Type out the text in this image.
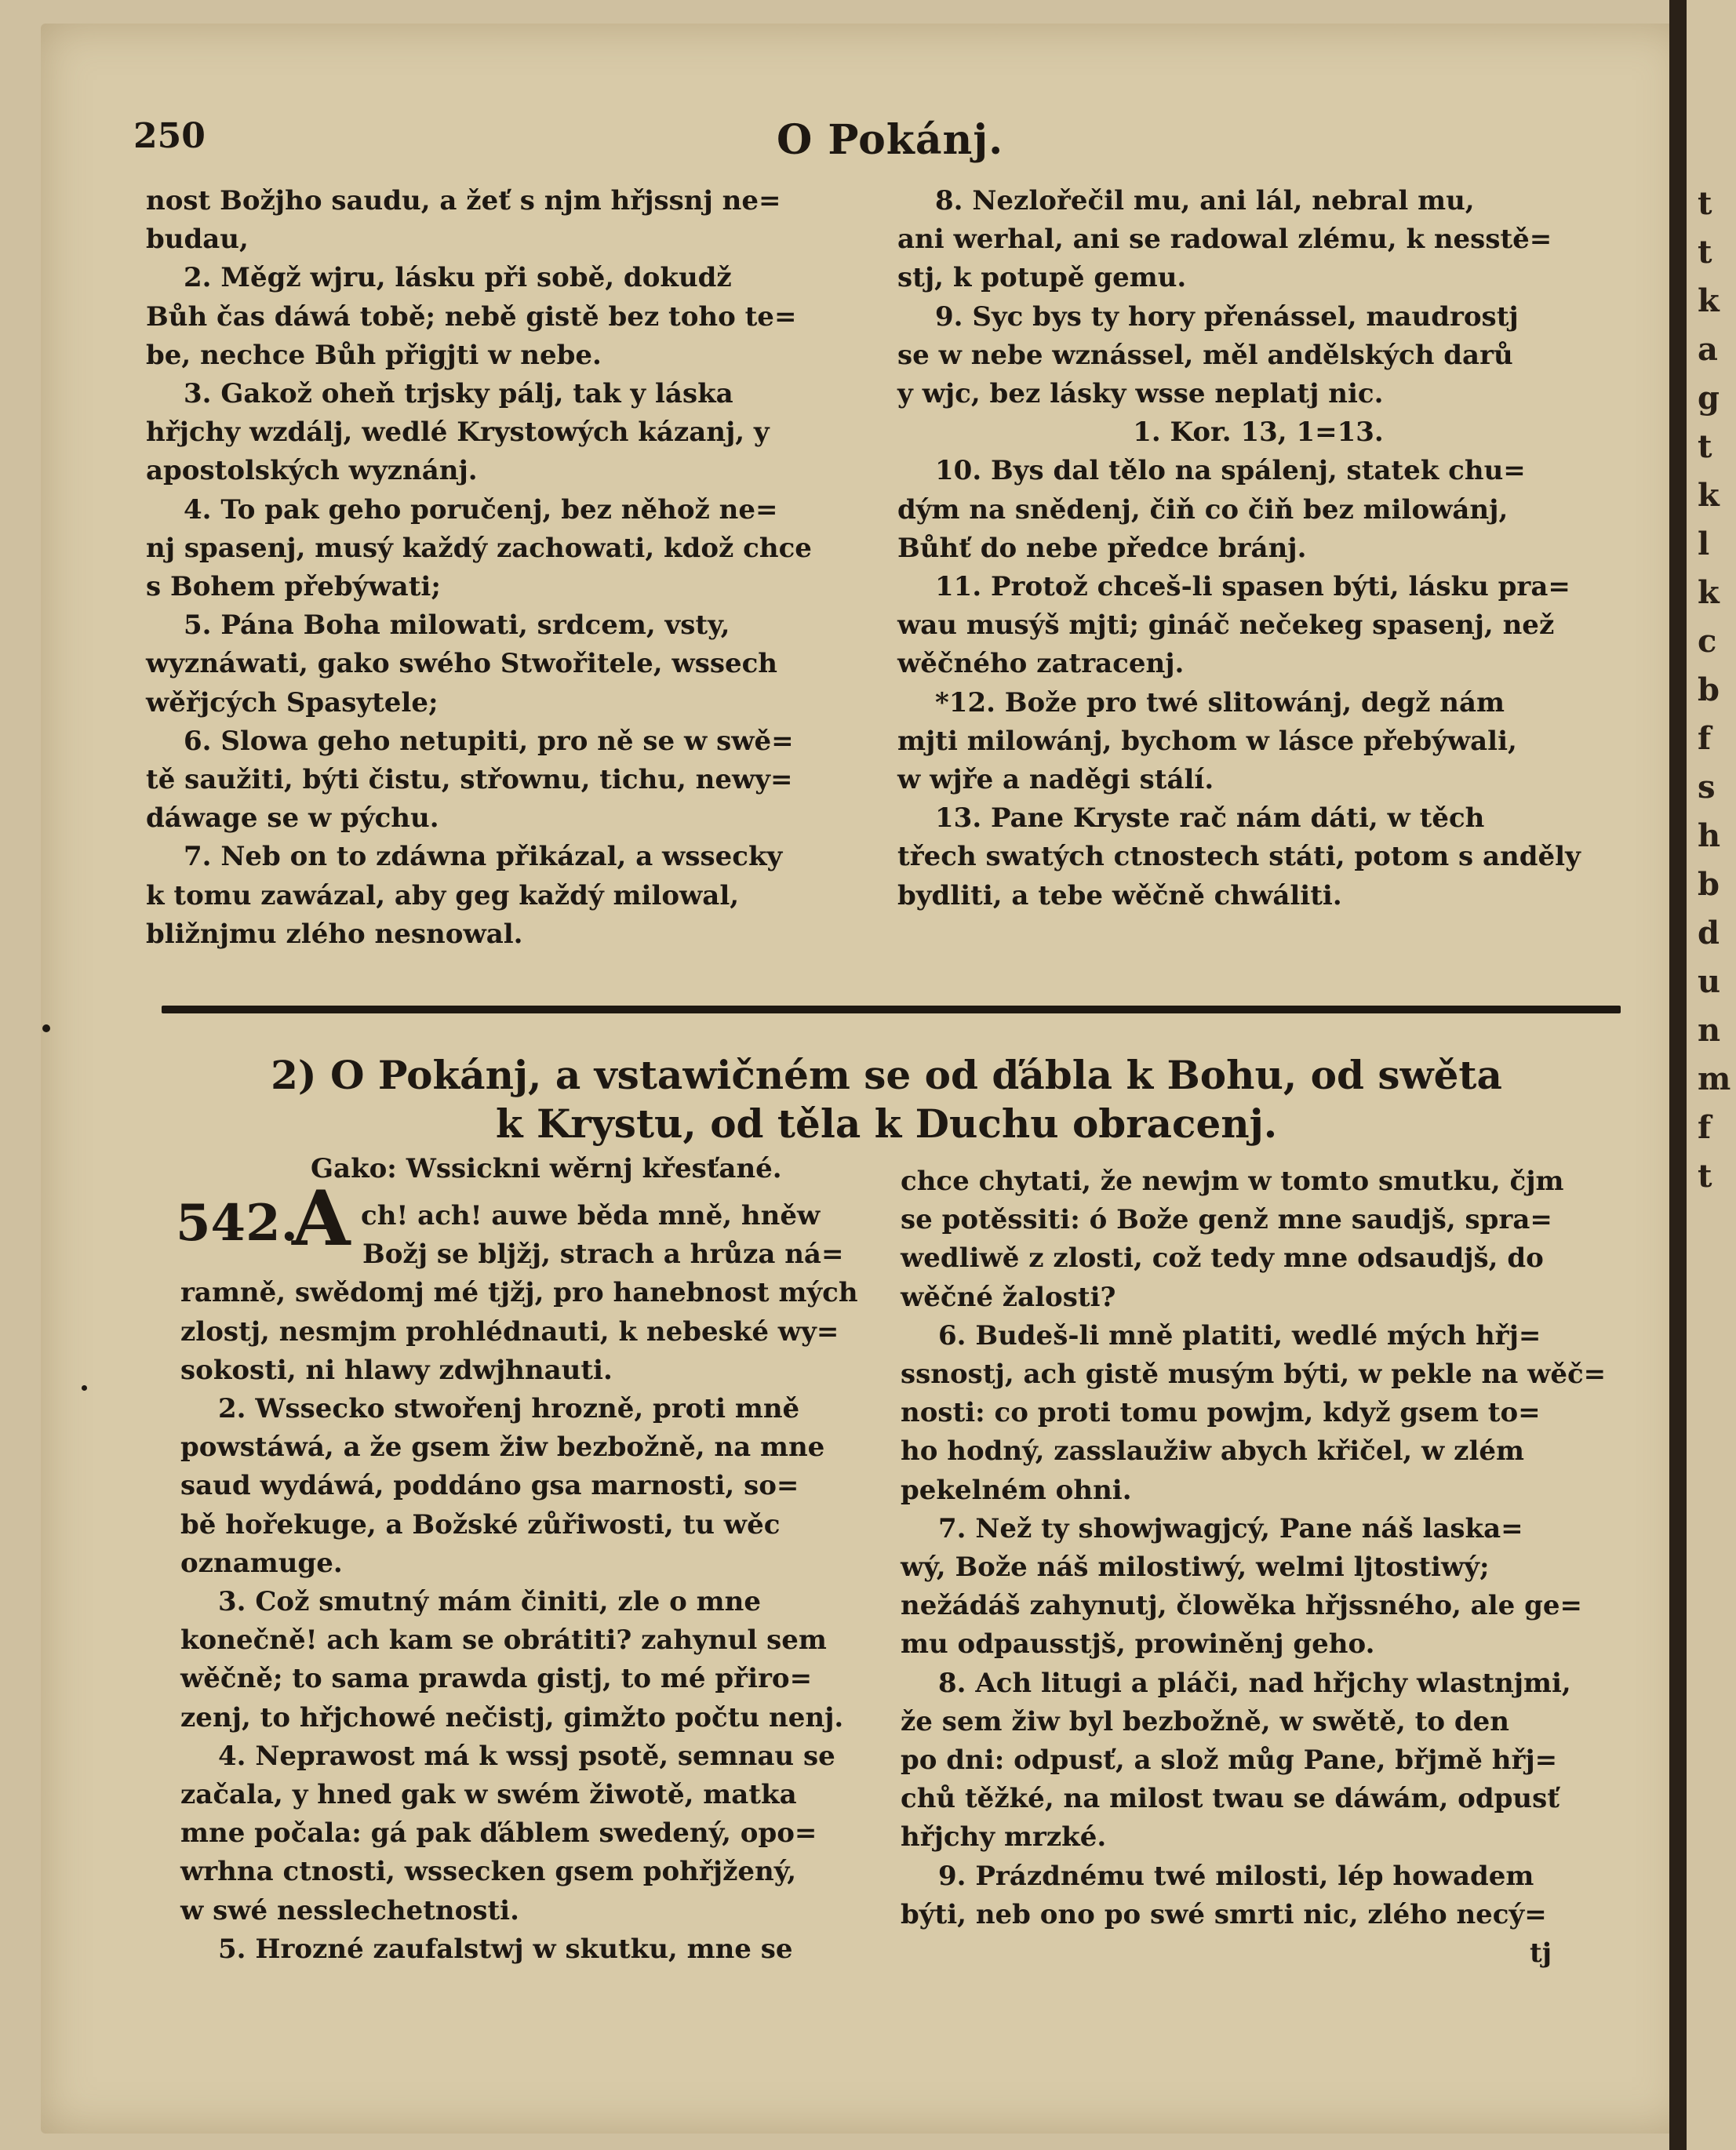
t
t
k
a
g
t
k
l
k
c
b
f
s
h
b
d
u
n
m
f
t
250	O Pokánj.

nost Božjho saudu, a žeť s njm hřjssnj ne=

budau,

2. Měgž wjru, lásku při sobě, dokudž

Bůh čas dáwá tobě; nebě gistě bez toho te=

be, nechce Bůh přigjti w nebe.

3. Gakož oheň trjsky pálj, tak y láska

hřjchy wzdálj, wedlé Krystowých kázanj, y

apostolských wyznánj.

4. To pak geho poručenj, bez něhož ne=

nj spasenj, musý každý zachowati, kdož chce

s Bohem přebýwati;

5. Pána Boha milowati, srdcem, vsty,

wyznáwati, gako swého Stwořitele, wssech

wěřjcých Spasytele;

6. Slowa geho netupiti, pro ně se w swě=

tě saužiti, býti čistu, střownu, tichu, newy=

dáwage se w pýchu.

7. Neb on to zdáwna přikázal, a wssecky

k tomu zawázal, aby geg každý milowal,

bližnjmu zlého nesnowal.

8. Nezlořečil mu, ani lál, nebral mu,

ani werhal, ani se radowal zlému, k nesstě=

stj, k potupě gemu.

9. Syc bys ty hory přenássel, maudrostj

se w nebe wznássel, měl andělských darů

y wjc, bez lásky wsse neplatj nic.

1. Kor. 13, 1=13.

10. Bys dal tělo na spálenj, statek chu=

dým na snědenj, čiň co čiň bez milowánj,

Bůhť do nebe předce bránj.

11. Protož chceš-li spasen býti, lásku pra=

wau musýš mjti; gináč nečekeg spasenj, než

wěčného zatracenj.

*12. Bože pro twé slitowánj, degž nám

mjti milowánj, bychom w lásce přebýwali,

w wjře a naděgi stálí.

13. Pane Kryste rač nám dáti, w těch

třech swatých ctnostech státi, potom s anděly

bydliti, a tebe wěčně chwáliti.

2) O Pokánj, a vstawičném se od ďábla k Bohu, od swěta
k Krystu, od těla k Duchu obracenj.
Gako: Wssickni wěrnj křesťané.
542.
A ch! ach! auwe běda mně, hněw

Božj se bljžj, strach a hrůza ná=

ramně, swědomj mé tjžj, pro hanebnost mých

zlostj, nesmjm prohlédnauti, k nebeské wy=

sokosti, ni hlawy zdwjhnauti.

2. Wssecko stwořenj hrozně, proti mně

powstáwá, a že gsem žiw bezbožně, na mne

saud wydáwá, poddáno gsa marnosti, so=

bě hořekuge, a Božské zůřiwosti, tu wěc

oznamuge.

3. Což smutný mám činiti, zle o mne

konečně! ach kam se obrátiti? zahynul sem

wěčně; to sama prawda gistj, to mé přiro=

zenj, to hřjchowé nečistj, gimžto počtu nenj.

4. Neprawost má k wssj psotě, semnau se

začala, y hned gak w swém žiwotě, matka

mne počala: gá pak ďáblem swedený, opo=

wrhna ctnosti, wssecken gsem pohřjžený,

w swé nesslechetnosti.

5. Hrozné zaufalstwj w skutku, mne se

chce chytati, že newjm w tomto smutku, čjm

se potěssiti: ó Bože genž mne saudjš, spra=

wedliwě z zlosti, což tedy mne odsaudjš, do

wěčné žalosti?

6. Budeš-li mně platiti, wedlé mých hřj=

ssnostj, ach gistě musým býti, w pekle na wěč=

nosti: co proti tomu powjm, když gsem to=

ho hodný, zasslaužiw abych křičel, w zlém

pekelném ohni.

7. Než ty showjwagjcý, Pane náš laska=

wý, Bože náš milostiwý, welmi ljtostiwý;

nežádáš zahynutj, člowěka hřjssného, ale ge=

mu odpausstjš, prowiněnj geho.

8. Ach litugi a pláči, nad hřjchy wlastnjmi,

že sem žiw byl bezbožně, w swětě, to den

po dni: odpusť, a slož můg Pane, břjmě hřj=

chů těžké, na milost twau se dáwám, odpusť

hřjchy mrzké.

9. Prázdnému twé milosti, lép howadem

býti, neb ono po swé smrti nic, zlého necý=

tj
